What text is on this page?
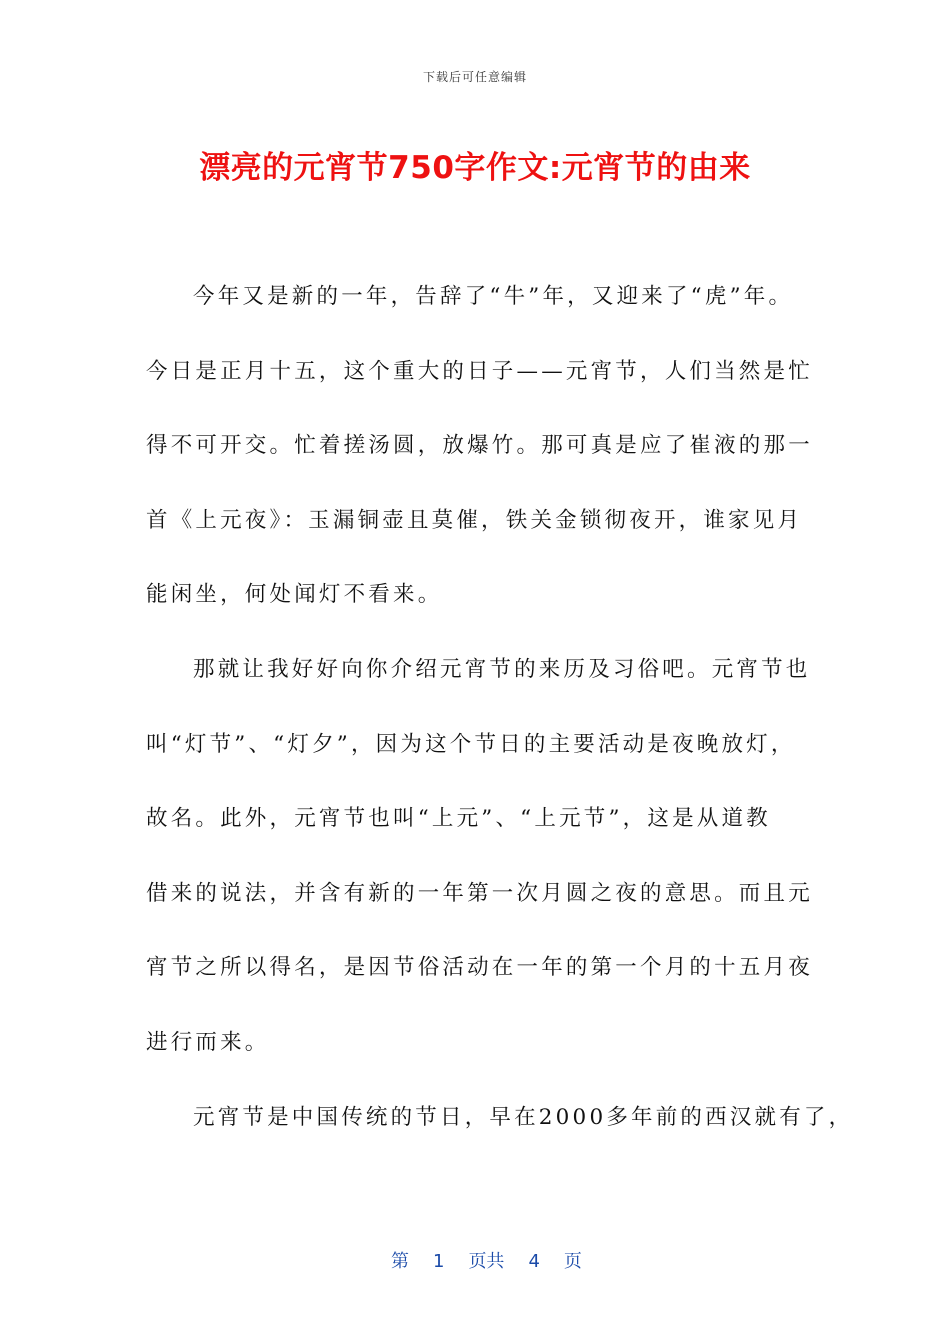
下载后可任意编辑
漂亮的元宵节750字作文:元宵节的由来
今年又是新的一年，告辞了“牛”年，又迎来了“虎”年。
今日是正月十五，这个重大的日子——元宵节，人们当然是忙
得不可开交。忙着搓汤圆，放爆竹。那可真是应了崔液的那一
首《上元夜》：玉漏铜壶且莫催，铁关金锁彻夜开，谁家见月
能闲坐，何处闻灯不看来。
那就让我好好向你介绍元宵节的来历及习俗吧。元宵节也
叫“灯节”、“灯夕”，因为这个节日的主要活动是夜晚放灯，
故名。此外，元宵节也叫“上元”、“上元节”，这是从道教
借来的说法，并含有新的一年第一次月圆之夜的意思。而且元
宵节之所以得名，是因节俗活动在一年的第一个月的十五月夜
进行而来。
元宵节是中国传统的节日，早在2000多年前的西汉就有了，

第 1 页共 4 页
